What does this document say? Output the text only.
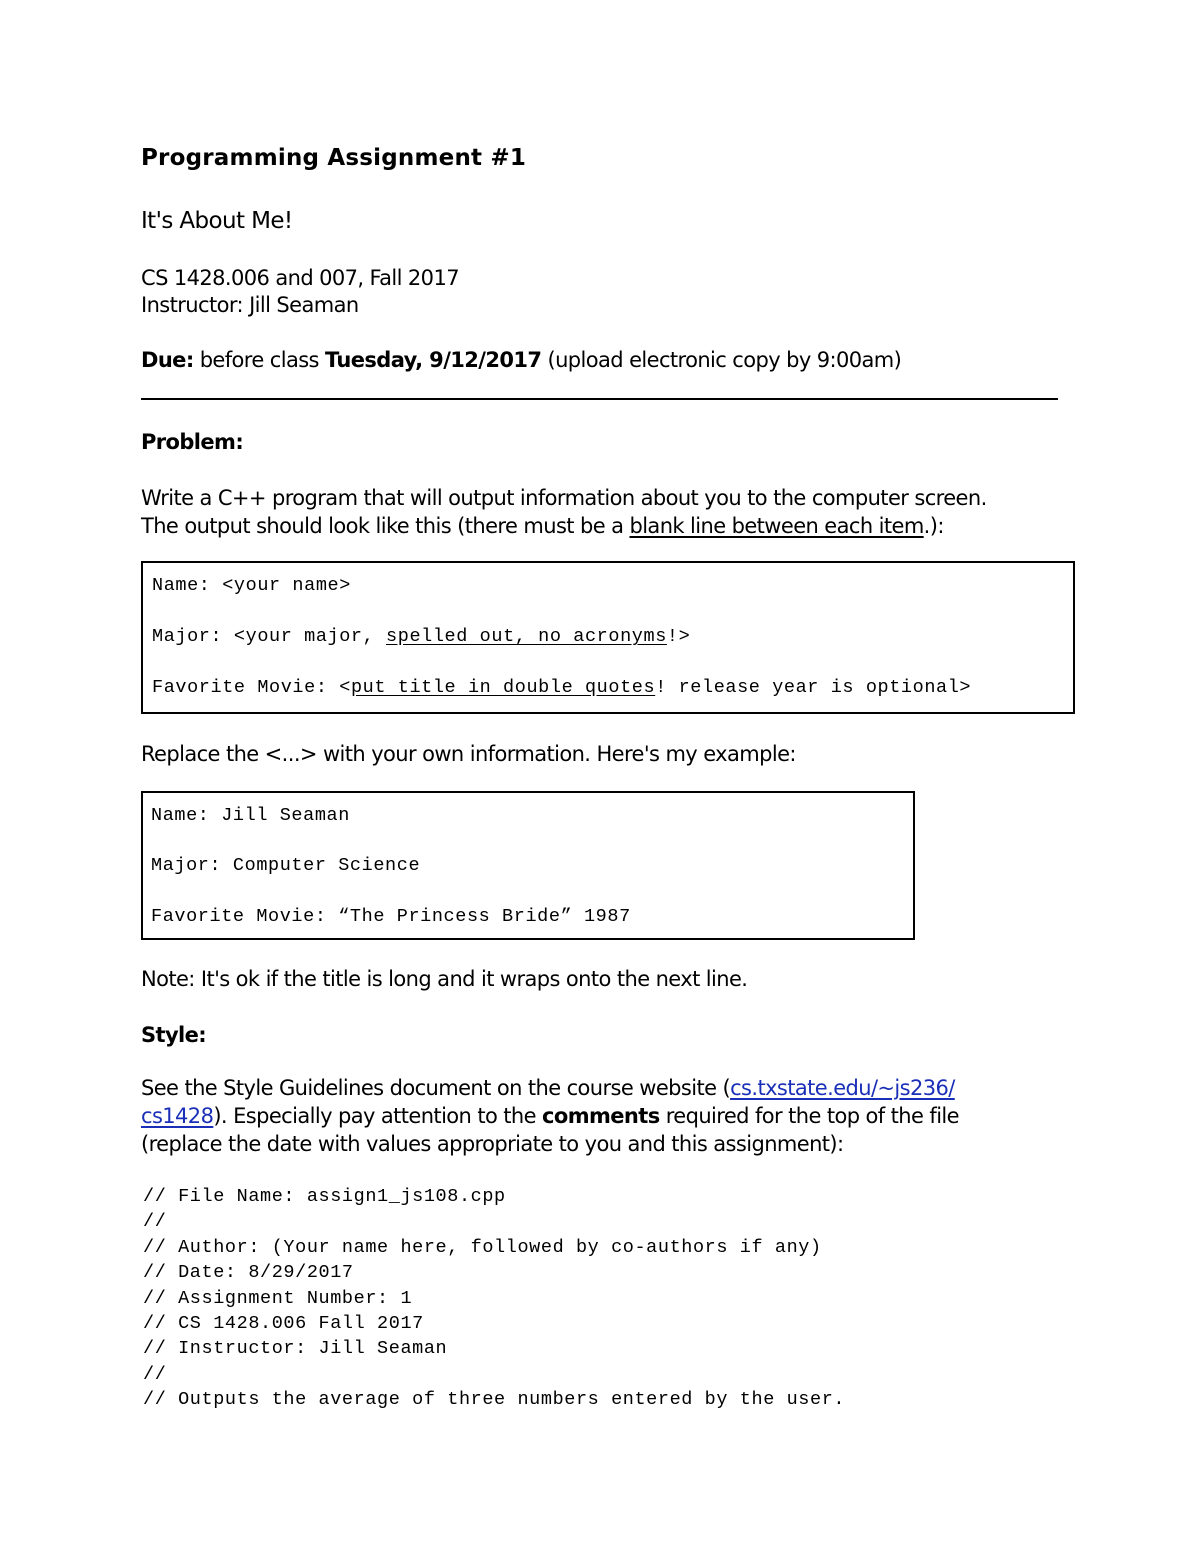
Programming Assignment #1
It's About Me!
CS 1428.006 and 007, Fall 2017
Instructor: Jill Seaman
Due: before class Tuesday, 9/12/2017 (upload electronic copy by 9:00am)
Problem:
Write a C++ program that will output information about you to the computer screen.
The output should look like this (there must be a blank line between each item.):
Name: <your name>
Major: <your major, spelled out, no acronyms!>
Favorite Movie: <put title in double quotes! release year is optional>
Replace the <...> with your own information. Here's my example:
Name: Jill Seaman
Major: Computer Science
Favorite Movie: “The Princess Bride” 1987
Note: It's ok if the title is long and it wraps onto the next line.
Style:
See the Style Guidelines document on the course website (cs.txstate.edu/~js236/
cs1428). Especially pay attention to the comments required for the top of the file
(replace the date with values appropriate to you and this assignment):
// File Name: assign1_js108.cpp
//
// Author: (Your name here, followed by co-authors if any)
// Date: 8/29/2017
// Assignment Number: 1
// CS 1428.006 Fall 2017
// Instructor: Jill Seaman
//
// Outputs the average of three numbers entered by the user.
